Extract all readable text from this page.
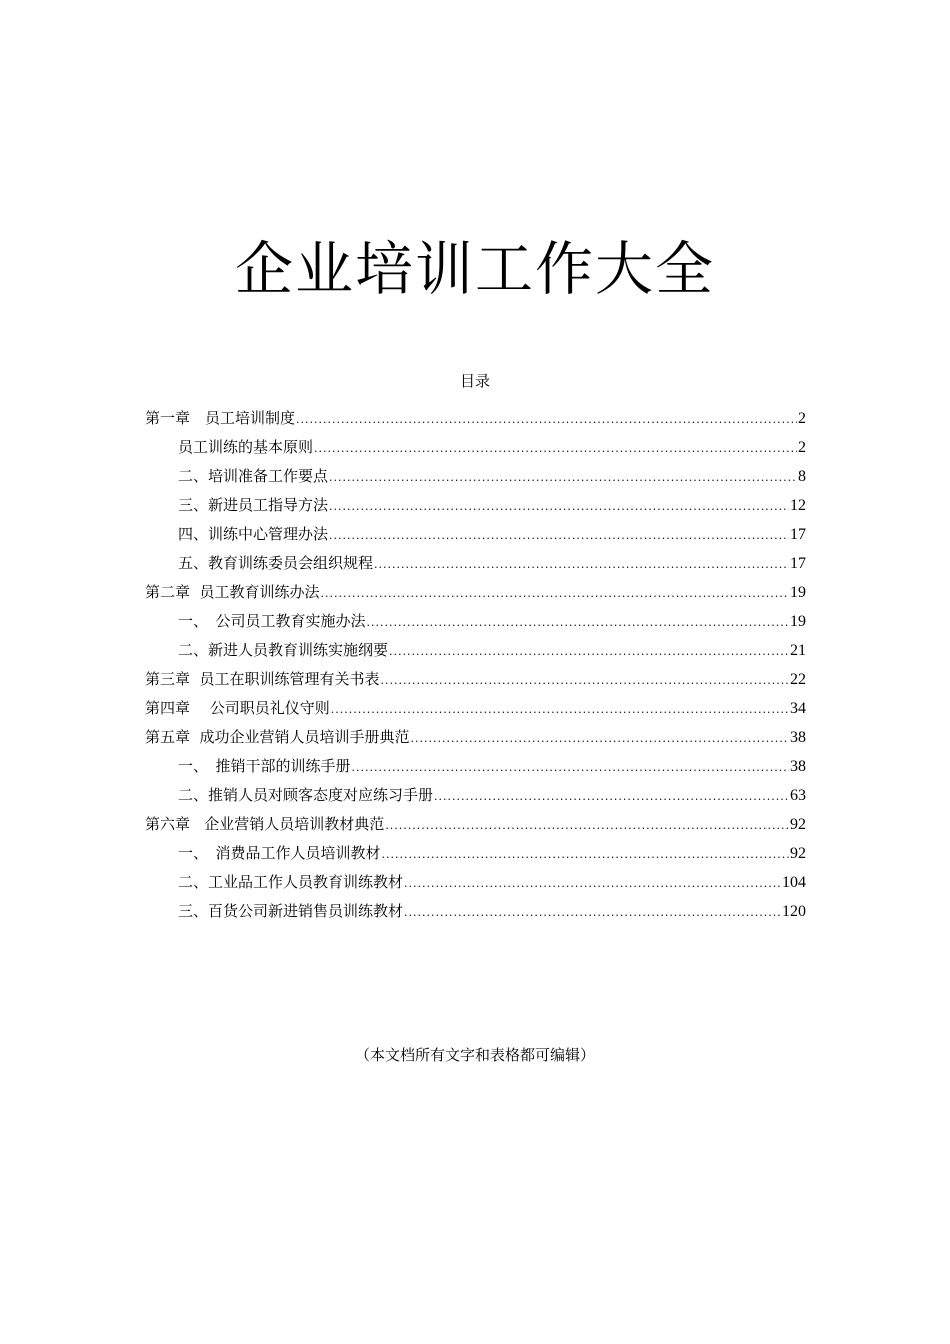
企业培训工作大全
目录
第一章　员工培训制度 .....	2
员工训练的基本原则 .....	2
二、培训准备工作要点 .....	8
三、新进员工指导方法 .....	12
四、训练中心管理办法 .....	17
五、教育训练委员会组织规程 .....	17
第二章  员工教育训练办法 .....	19
一、　公司员工教育实施办法 .....	19
二、新进人员教育训练实施纲要 .....	21
第三章  员工在职训练管理有关书表 .....	22
第四章　 公司职员礼仪守则 .....	34
第五章  成功企业营销人员培训手册典范 .....	38
一、　推销干部的训练手册 .....	38
二、推销人员对顾客态度对应练习手册 .....	63
第六章   企业营销人员培训教材典范 .....	92
一、　消费品工作人员培训教材 .....	92
二、工业品工作人员教育训练教材 .....	104
三、百货公司新进销售员训练教材 .....	120
（本文档所有文字和表格都可编辑）
